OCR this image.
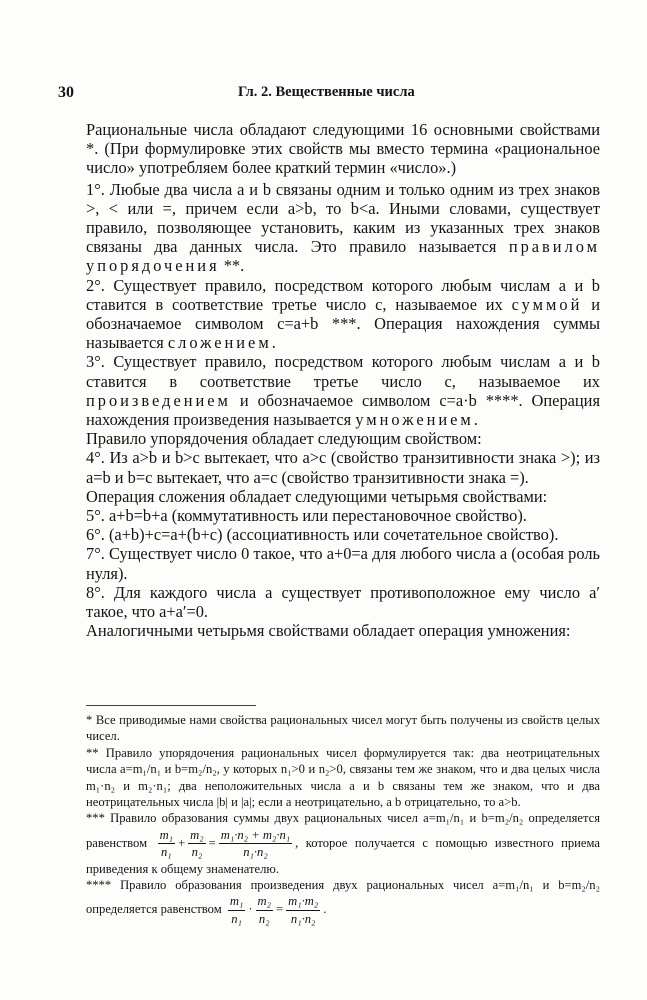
30	Гл. 2. Вещественные числа

Рациональные числа обладают следующими 16 основными свойствами *. (При формулировке этих свойств мы вместо термина «рациональное число» употребляем более краткий термин «число».)

1°. Любые два числа a и b связаны одним и только одним из трех знаков >, < или =, причем если a>b, то b<a. Иными словами, существует правило, позволяющее установить, каким из указанных трех знаков связаны два данных числа. Это правило называется правилом упорядочения **.

2°. Существует правило, посредством которого любым числам a и b ставится в соответствие третье число c, называемое их суммой и обозначаемое символом c=a+b ***. Операция нахождения суммы называется сложением.

3°. Существует правило, посредством которого любым числам a и b ставится в соответствие третье число c, называемое их произведением и обозначаемое символом c=a·b ****. Операция нахождения произведения называется умножением.

Правило упорядочения обладает следующим свойством:

4°. Из a>b и b>c вытекает, что a>c (свойство транзитивности знака >); из a=b и b=c вытекает, что a=c (свойство транзитивности знака =).

Операция сложения обладает следующими четырьмя свойствами:

5°. a+b=b+a (коммутативность или перестановочное свойство).

6°. (a+b)+c=a+(b+c) (ассоциативность или сочетательное свойство).

7°. Существует число 0 такое, что a+0=a для любого числа a (особая роль нуля).

8°. Для каждого числа a существует противоположное ему число a′ такое, что a+a′=0.

Аналогичными четырьмя свойствами обладает операция умножения:

* Все приводимые нами свойства рациональных чисел могут быть получены из свойств целых чисел.

** Правило упорядочения рациональных чисел формулируется так: два неотрицательных числа a=m₁/n₁ и b=m₂/n₂, у которых n₁>0 и n₂>0, связаны тем же знаком, что и два целых числа m₁·n₂ и m₂·n₁; два неположительных числа a и b связаны тем же знаком, что и два неотрицательных числа |b| и |a|; если a неотрицательно, а b отрицательно, то a>b.

*** Правило образования суммы двух рациональных чисел a=m₁/n₁ и b=m₂/n₂ определяется равенством $\frac{\text{m₁}}{\text{n₁}} + \frac{\text{m₂}}{\text{n₂}} = \frac{\text{m₁·n₂ + m₂·n₁}}{\text{n₁·n₂}}$ , которое получается с помощью известного приема приведения к общему знаменателю.

**** Правило образования произведения двух рациональных чисел a=m₁/n₁ и b=m₂/n₂ определяется равенством $\frac{\text{m₁}}{\text{n₁}} \cdot \frac{\text{m₂}}{\text{n₂}} = \frac{\text{m₁·m₂}}{\text{n₁·n₂}}$ .
